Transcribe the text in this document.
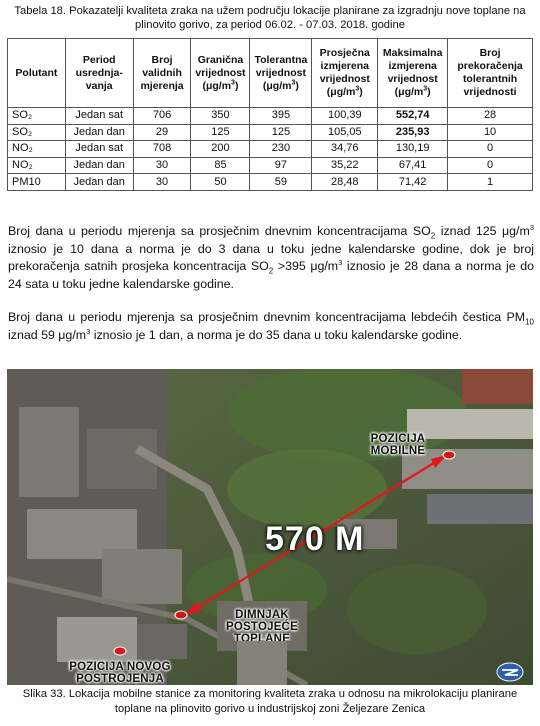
Tabela 18. Pokazatelji kvaliteta zraka na užem području lokacije planirane za izgradnju nove toplane na plinovito gorivo, za period 06.02. - 07.03. 2018. godine
Polutant	Period usrednja-vanja	Broj validnih mjerenja	Granična vrijednost $(\mu g/m^3)$	Tolerantna vrijednost $(\mu g/m^3)$	Prosječna izmjerena vrijednost $(\mu g/m^3)$	Maksimalna izmjerena vrijednost $(\mu g/m^3)$	Broj prekoračenja tolerantnih vrijednosti
SO₂	Jedan sat	706	350	395	100,39	552,74	28
SO₂	Jedan dan	29	125	125	105,05	235,93	10
NO₂	Jedan sat	708	200	230	34,76	130,19	0
NO₂	Jedan dan	30	85	97	35,22	67,41	0
PM10	Jedan dan	30	50	59	28,48	71,42	1

Broj dana u periodu mjerenja sa prosječnim dnevnim koncentracijama $SO_2$ iznad 125 $\mu g/m^3$ iznosio je 10 dana a norma je do 3 dana u toku jedne kalendarske godine, dok je broj prekoračenja satnih prosjeka koncentracija $SO_2 >395$ $\mu g/m^3$ iznosio je 28 dana a norma je do 24 sata u toku jedne kalendarske godine.

Broj dana u periodu mjerenja sa prosječnim dnevnim koncentracijama lebdećih čestica $PM_{10}$ iznad 59 $\mu g/m^3$ iznosio je 1 dan, a norma je do 35 dana u toku kalendarske godine.

POZICIJA
MOBILNE
570 M
DIMNJAK
POSTOJEĆE
TOPLANE
POZICIJA NOVOG
POSTROJENJA
Slika 33. Lokacija mobilne stanice za monitoring kvaliteta zraka u odnosu na mikrolokaciju planirane toplane na plinovito gorivo u industrijskoj zoni Željezare Zenica
